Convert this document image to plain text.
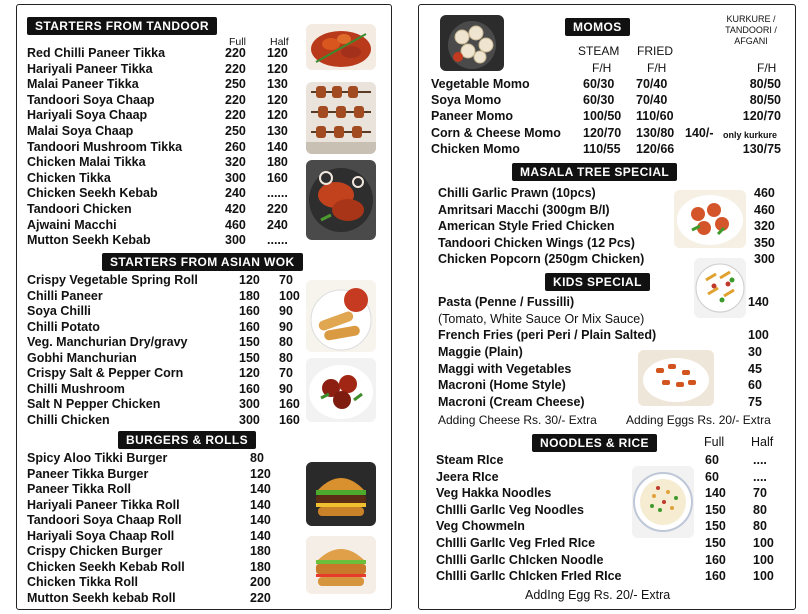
STARTERS FROM TANDOOR
Full Half
Red Chilli Paneer Tikka	220 120
Hariyali Paneer Tikka	220 120
Malai Paneer Tikka	250 130
Tandoori Soya Chaap	220 120
Hariyali Soya Chaap	220 120
Malai Soya Chaap	250 130
Tandoori Mushroom Tikka	260 140
Chicken Malai Tikka	320 180
Chicken Tikka	300 160
Chicken Seekh Kebab	240 ......
Tandoori Chicken	420 220
Ajwaini Macchi	460 240
Mutton Seekh Kebab	300 ......
STARTERS FROM ASIAN WOK
Crispy Vegetable Spring Roll	120 70
Chilli Paneer	180 100
Soya Chilli	160 90
Chilli Potato	160 90
Veg. Manchurian Dry/gravy	150 80
Gobhi Manchurian	150 80
Crispy Salt & Pepper Corn	120 70
Chilli Mushroom	160 90
Salt N Pepper Chicken	300 160
Chilli Chicken	300 160
BURGERS & ROLLS
Spicy Aloo Tikki Burger	80
Paneer Tikka Burger	120
Paneer Tikka Roll	140
Hariyali Paneer Tikka Roll	140
Tandoori Soya Chaap Roll	140
Hariyali Soya Chaap Roll	140
Crispy Chicken Burger	180
Chicken Seekh Kebab Roll	180
Chicken Tikka Roll	200
Mutton Seekh kebab Roll	220
MOMOS
KURKURE / TANDOORI / AFGANI
STEAM FRIED
F/H	F/H	F/H
Vegetable Momo	60/30 70/40	80/50
Soya Momo	60/30 70/40	80/50
Paneer Momo	100/50 110/60	120/70
Corn & Cheese Momo 120/70 130/80 140/- only kurkure
Chicken Momo	110/55 120/66	130/75
MASALA TREE SPECIAL
Chilli Garlic Prawn (10pcs)	460
Amritsari Macchi (300gm B/I)	460
American Style Fried Chicken	320
Tandoori Chicken Wings (12 Pcs)	350
Chicken Popcorn (250gm Chicken)	300
KIDS SPECIAL
Pasta (Penne / Fussilli)	140
(Tomato, White Sauce Or Mix Sauce)
French Fries (peri Peri / Plain Salted)	100
Maggie (Plain)	30
Maggi with Vegetables	45
Macroni (Home Style)	60
Macroni (Cream Cheese)	75
Adding Cheese Rs. 30/- Extra Adding Eggs Rs. 20/- Extra
NOODLES & RICE	Full Half
Steam RIce	60	....
Jeera RIce	60	....
Veg Hakka Noodles	140 70
ChIlli GarlIc Veg Noodles	150 80
Veg ChowmeIn	150 80
ChIlli GarlIc Veg FrIed RIce	150 100
ChIlli GarlIc ChIcken Noodle	160 100
ChIlli GarlIc ChIcken FrIed RIce	160 100
AddIng Egg Rs. 20/- Extra
